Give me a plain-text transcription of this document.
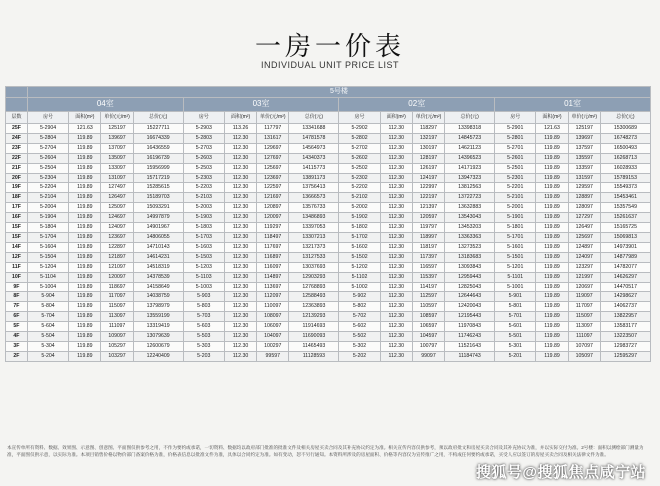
一房一价表
INDIVIDUAL UNIT PRICE LIST
	5号楼															
	04室				03室				02室				01室			
层数	房号	面积(m²)	单价(元/m²)	总价(元)	房号	面积(m²)	单价(元/m²)	总价(元)	房号	面积(m²)	单价(元/m²)	总价(元)	房号	面积(m²)	单价(元/m²)	总价(元)
25F	5-2904	121.63	125197	15227711	5-2903	113.26	117797	13341688	5-2902	112.30	118297	13398318	5-2901	121.63	125197	15300689
24F	5-2804	119.89	139697	16674339	5-2803	112.30	131617	14781578	5-2802	112.30	132197	14845723	5-2801	119.89	139697	16748273
23F	5-2704	119.89	137097	16436559	5-2703	112.30	129697	14564973	5-2702	112.30	130197	14621123	5-2701	119.89	137597	16500493
22F	5-2604	119.89	135097	16196739	5-2603	112.30	127697	14340373	5-2602	112.30	128197	14396523	5-2601	119.89	135597	16268713
21F	5-2504	119.89	133097	15956999	5-2503	112.30	125697	14115773	5-2502	112.30	126197	14171923	5-2501	119.89	133597	16028933
20F	5-2304	119.89	131097	15717219	5-2303	112.30	123697	13891173	5-2302	112.30	124197	13947323	5-2301	119.89	131597	15789153
19F	5-2204	119.89	127497	15285615	5-2203	112.30	122597	13756413	5-2202	112.30	122997	13812563	5-2201	119.89	129597	15549373
18F	5-2104	119.89	126497	15189703	5-2103	112.30	121697	13666573	5-2102	112.30	122197	13722723	5-2101	119.89	128897	15453461
17F	5-2004	119.89	125097	15093291	5-2003	112.30	120897	13576733	5-2002	112.30	121397	13632883	5-2001	119.89	128097	15357549
16F	5-1904	119.89	124697	14997879	5-1903	112.30	120097	13486893	5-1902	112.30	120597	13543043	5-1901	119.89	127297	15261637
15F	5-1804	119.89	124097	14901967	5-1803	112.30	119297	13397053	5-1802	112.30	119797	13453203	5-1801	119.89	126497	15165725
15F	5-1704	119.89	123697	14806055	5-1703	112.30	118497	13307213	5-1702	112.30	118997	13363363	5-1701	119.89	125697	15069813
14F	5-1604	119.89	122897	14710143	5-1603	112.30	117697	13217373	5-1602	112.30	118197	13273523	5-1601	119.89	124897	14973901
12F	5-1504	119.89	121897	14614231	5-1503	112.30	116897	13127533	5-1502	112.30	117397	13183683	5-1501	119.89	124097	14877989
11F	5-1204	119.89	121097	14518319	5-1203	112.30	116097	13037693	5-1202	112.30	116597	13093843	5-1201	119.89	123297	14782077
10F	5-1104	119.89	120097	14378539	5-1103	112.30	114897	12903293	5-1102	112.30	115397	12959443	5-1101	119.89	121997	14626297
9F	5-1004	119.89	118697	14158649	5-1003	112.30	113697	12768893	5-1002	112.30	114197	12825043	5-1001	119.89	120697	14470517
8F	5-904	119.89	117097	14038759	5-903	112.30	112097	12588493	5-902	112.30	112597	12644643	5-901	119.89	119097	14298627
7F	5-804	119.89	115097	13798979	5-803	112.30	110097	12363893	5-802	112.30	110597	12420043	5-801	119.89	117097	14062737
6F	5-704	119.89	113097	13559199	5-703	112.30	108097	12139293	5-702	112.30	108597	12195443	5-701	119.89	115097	13822957
5F	5-604	119.89	111097	13319419	5-603	112.30	106097	11914693	5-602	112.30	106597	11970843	5-601	119.89	113097	13583177
4F	5-504	119.89	109097	13079639	5-503	112.30	104097	11690093	5-502	112.30	104597	11746243	5-501	119.89	111097	13223507
3F	5-304	119.89	105297	12600679	5-303	112.30	100297	11465493	5-302	112.30	100797	11521643	5-301	119.89	107097	12983727
2F	5-204	119.89	103297	12240409	5-203	112.30	99597	11128593	5-202	112.30	99097	11184743	5-201	119.89	105097	12595297
本宣传单所有资料、数据、效果图、示意图、创意图、平面图仅供参考之用，不作为要约或承诺，一切资料、数据均以政府部门批准的批准文件及相关房屋买卖合同及其补充协议约定为准。相关宣传内容仅供参考，须以政府批文和房屋买卖合同及其补充协议为准，并以实际交付为准。2号楼：面积以测绘部门测量为准，平面图仅供示意，以实际为准。本项目销售价格以物价部门备案价格为准，价格表信息以批准文件为准，具体以合同约定为准。如有变动，恕不另行通知。本资料所涉及的房屋面积、价格等内容仅为宣传推广之用，不构成任何要约或承诺，买受人应以签订的房屋买卖合同及相关法律文件为准。
搜狐号@搜狐焦点咸宁站
